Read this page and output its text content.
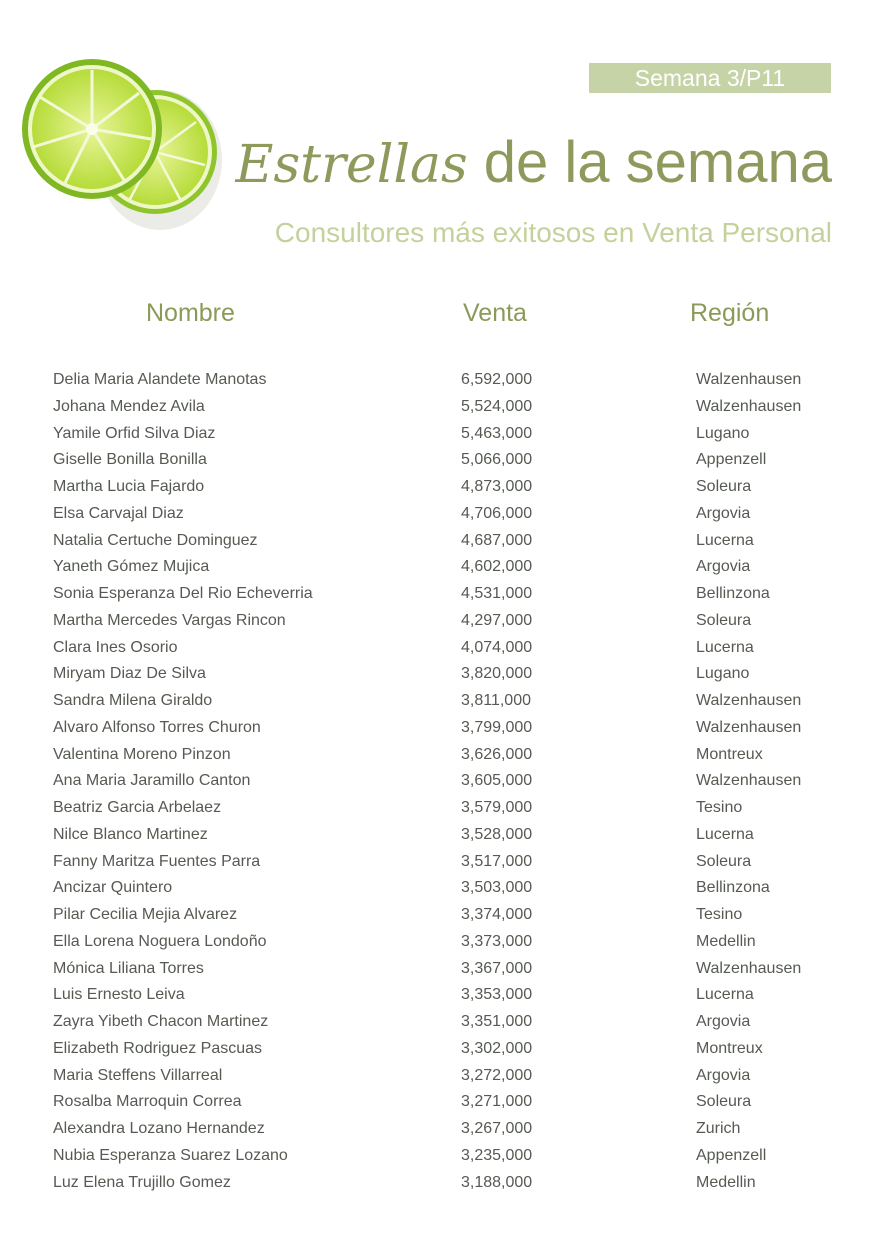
Semana 3/P11
Estrellas de la semana
Consultores más exitosos en Venta Personal
Nombre	Venta	Región
Delia Maria Alandete Manotas	6,592,000	Walzenhausen
Johana Mendez Avila	5,524,000	Walzenhausen
Yamile Orfid Silva Diaz	5,463,000	Lugano
Giselle Bonilla Bonilla	5,066,000	Appenzell
Martha Lucia Fajardo	4,873,000	Soleura
Elsa Carvajal Diaz	4,706,000	Argovia
Natalia Certuche Dominguez	4,687,000	Lucerna
Yaneth Gómez Mujica	4,602,000	Argovia
Sonia Esperanza Del Rio Echeverria	4,531,000	Bellinzona
Martha Mercedes Vargas Rincon	4,297,000	Soleura
Clara Ines Osorio	4,074,000	Lucerna
Miryam Diaz De Silva	3,820,000	Lugano
Sandra Milena Giraldo	3,811,000	Walzenhausen
Alvaro Alfonso Torres Churon	3,799,000	Walzenhausen
Valentina Moreno Pinzon	3,626,000	Montreux
Ana Maria Jaramillo Canton	3,605,000	Walzenhausen
Beatriz Garcia Arbelaez	3,579,000	Tesino
Nilce Blanco Martinez	3,528,000	Lucerna
Fanny Maritza Fuentes Parra	3,517,000	Soleura
Ancizar Quintero	3,503,000	Bellinzona
Pilar Cecilia Mejia Alvarez	3,374,000	Tesino
Ella Lorena Noguera Londoño	3,373,000	Medellin
Mónica Liliana Torres	3,367,000	Walzenhausen
Luis Ernesto Leiva	3,353,000	Lucerna
Zayra Yibeth Chacon Martinez	3,351,000	Argovia
Elizabeth Rodriguez Pascuas	3,302,000	Montreux
Maria Steffens Villarreal	3,272,000	Argovia
Rosalba Marroquin Correa	3,271,000	Soleura
Alexandra Lozano Hernandez	3,267,000	Zurich
Nubia Esperanza Suarez Lozano	3,235,000	Appenzell
Luz Elena Trujillo Gomez	3,188,000	Medellin
